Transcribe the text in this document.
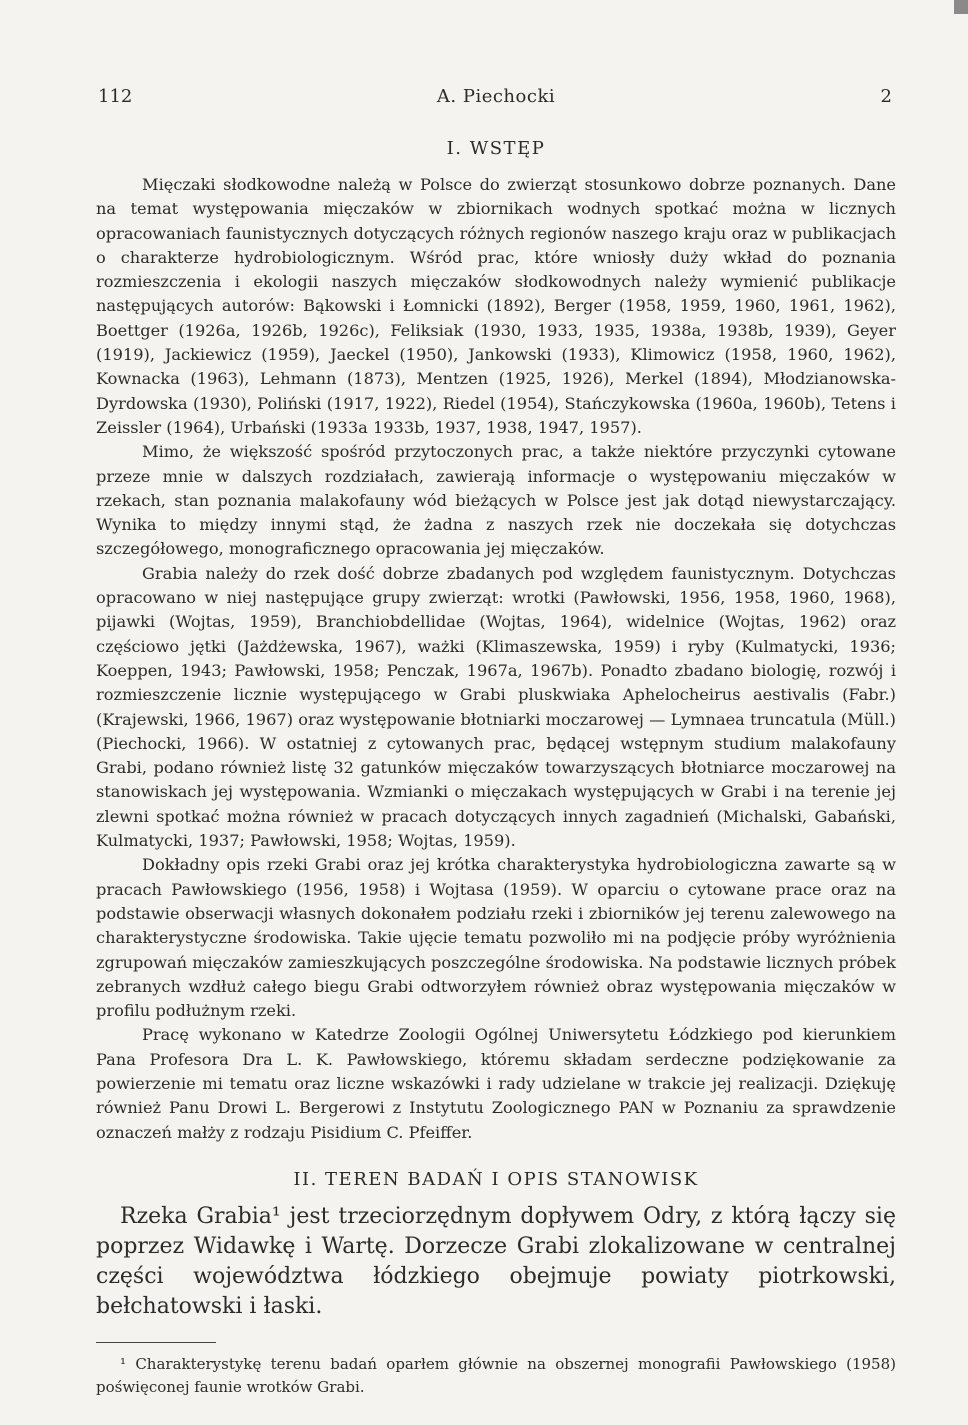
112	A. Piechocki	2
I. WSTĘP

Mięczaki słodkowodne należą w Polsce do zwierząt stosunkowo dobrze poznanych. Dane na temat występowania mięczaków w zbiornikach wodnych spotkać można w licznych opracowaniach faunistycznych dotyczących różnych regionów naszego kraju oraz w publikacjach o charakterze hydrobiologicznym. Wśród prac, które wniosły duży wkład do poznania rozmieszczenia i ekologii naszych mięczaków słodkowodnych należy wymienić publikacje następujących autorów: Bąkowski i Łomnicki (1892), Berger (1958, 1959, 1960, 1961, 1962), Boettger (1926a, 1926b, 1926c), Feliksiak (1930, 1933, 1935, 1938a, 1938b, 1939), Geyer (1919), Jackiewicz (1959), Jaeckel (1950), Jankowski (1933), Klimowicz (1958, 1960, 1962), Kownacka (1963), Lehmann (1873), Mentzen (1925, 1926), Merkel (1894), Młodzianowska-Dyrdowska (1930), Poliński (1917, 1922), Riedel (1954), Stańczykowska (1960a, 1960b), Tetens i Zeissler (1964), Urbański (1933a 1933b, 1937, 1938, 1947, 1957).

Mimo, że większość spośród przytoczonych prac, a także niektóre przyczynki cytowane przeze mnie w dalszych rozdziałach, zawierają informacje o występowaniu mięczaków w rzekach, stan poznania malakofauny wód bieżących w Polsce jest jak dotąd niewystarczający. Wynika to między innymi stąd, że żadna z naszych rzek nie doczekała się dotychczas szczegółowego, monograficznego opracowania jej mięczaków.

Grabia należy do rzek dość dobrze zbadanych pod względem faunistycznym. Dotychczas opracowano w niej następujące grupy zwierząt: wrotki (Pawłowski, 1956, 1958, 1960, 1968), pijawki (Wojtas, 1959), Branchiobdellidae (Wojtas, 1964), widelnice (Wojtas, 1962) oraz częściowo jętki (Jażdżewska, 1967), ważki (Klimaszewska, 1959) i ryby (Kulmatycki, 1936; Koeppen, 1943; Pawłowski, 1958; Penczak, 1967a, 1967b). Ponadto zbadano biologię, rozwój i rozmieszczenie licznie występującego w Grabi pluskwiaka Aphelocheirus aestivalis (Fabr.) (Krajewski, 1966, 1967) oraz występowanie błotniarki moczarowej — Lymnaea truncatula (Müll.) (Piechocki, 1966). W ostatniej z cytowanych prac, będącej wstępnym studium malakofauny Grabi, podano również listę 32 gatunków mięczaków towarzyszących błotniarce moczarowej na stanowiskach jej występowania. Wzmianki o mięczakach występujących w Grabi i na terenie jej zlewni spotkać można również w pracach dotyczących innych zagadnień (Michalski, Gabański, Kulmatycki, 1937; Pawłowski, 1958; Wojtas, 1959).

Dokładny opis rzeki Grabi oraz jej krótka charakterystyka hydrobiologiczna zawarte są w pracach Pawłowskiego (1956, 1958) i Wojtasa (1959). W oparciu o cytowane prace oraz na podstawie obserwacji własnych dokonałem podziału rzeki i zbiorników jej terenu zalewowego na charakterystyczne środowiska. Takie ujęcie tematu pozwoliło mi na podjęcie próby wyróżnienia zgrupowań mięczaków zamieszkujących poszczególne środowiska. Na podstawie licznych próbek zebranych wzdłuż całego biegu Grabi odtworzyłem również obraz występowania mięczaków w profilu podłużnym rzeki.

Pracę wykonano w Katedrze Zoologii Ogólnej Uniwersytetu Łódzkiego pod kierunkiem Pana Profesora Dra L. K. Pawłowskiego, któremu składam serdeczne podziękowanie za powierzenie mi tematu oraz liczne wskazówki i rady udzielane w trakcie jej realizacji. Dziękuję również Panu Drowi L. Bergerowi z Instytutu Zoologicznego PAN w Poznaniu za sprawdzenie oznaczeń małży z rodzaju Pisidium C. Pfeiffer.

II. TEREN BADAŃ I OPIS STANOWISK

Rzeka Grabia¹ jest trzeciorzędnym dopływem Odry, z którą łączy się poprzez Widawkę i Wartę. Dorzecze Grabi zlokalizowane w centralnej części województwa łódzkiego obejmuje powiaty piotrkowski, bełchatowski i łaski.

¹ Charakterystykę terenu badań oparłem głównie na obszernej monografii Pawłowskiego (1958) poświęconej faunie wrotków Grabi.
